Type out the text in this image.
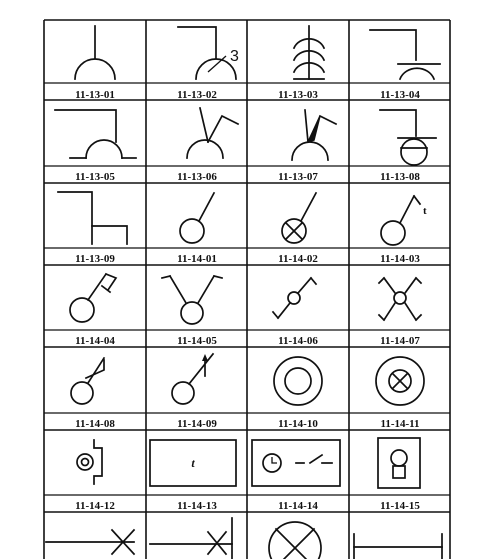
11-13-01	11-13-02	11-13-03	11-13-04
11-13-05	11-13-06	11-13-07	11-13-08
11-13-09	11-14-01	11-14-02	11-14-03
11-14-04	11-14-05	11-14-06	11-14-07
11-14-08	11-14-09	11-14-10	11-14-11
11-14-12	11-14-13	11-14-14	11-14-15
3
t
t
